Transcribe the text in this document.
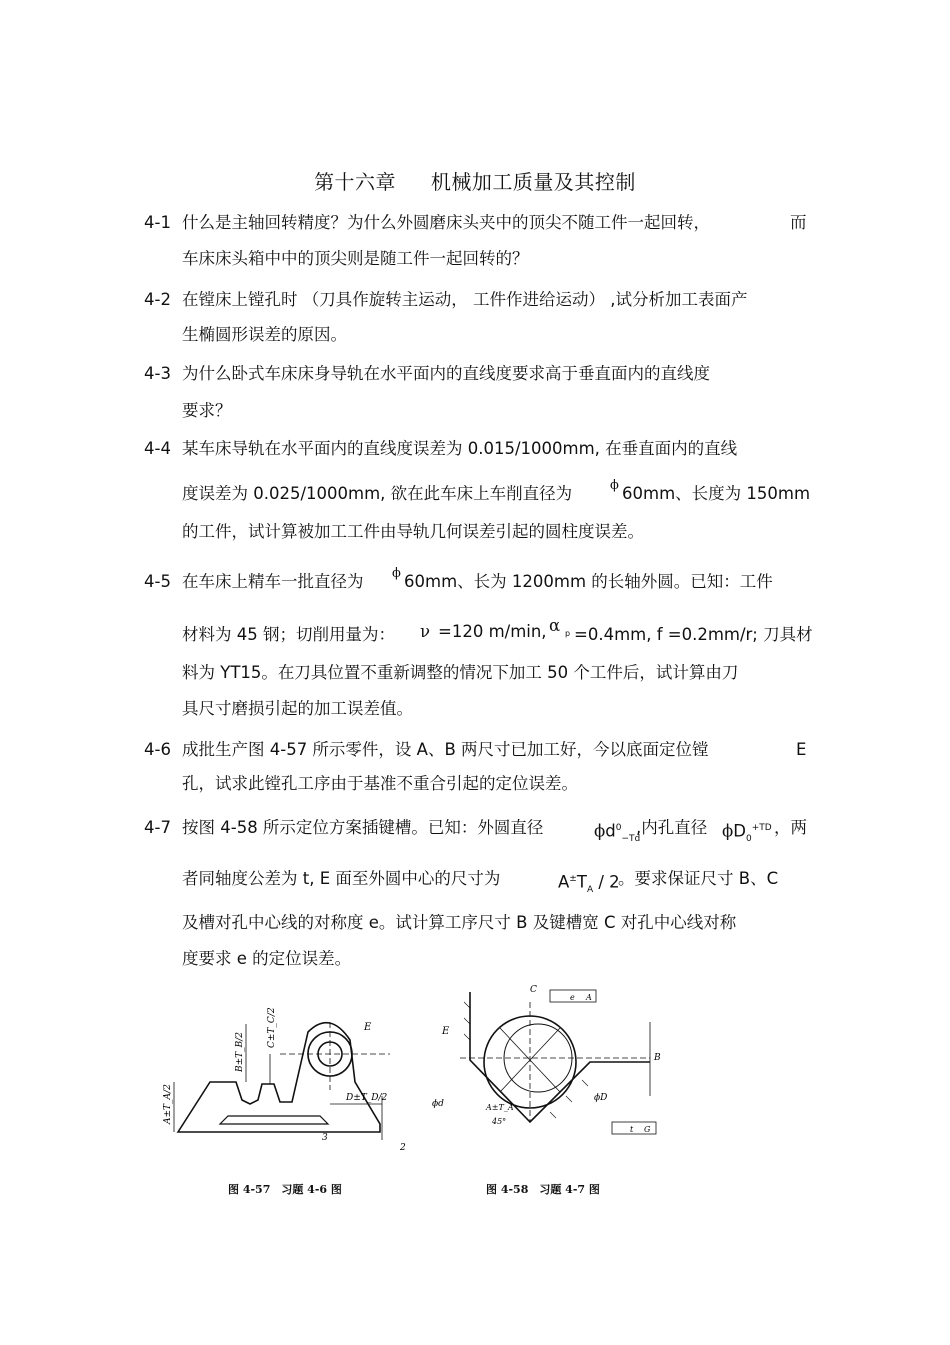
第十六章 机械加工质量及其控制
4-1 什么是主轴回转精度？为什么外圆磨床头夹中的顶尖不随工件一起回转，	而
车床床头箱中中的顶尖则是随工件一起回转的？
4-2 在镗床上镗孔时 （刀具作旋转主运动， 工件作进给运动） ,试分析加工表面产
生椭圆形误差的原因。
4-3 为什么卧式车床床身导轨在水平面内的直线度要求高于垂直面内的直线度
要求？
4-4 某车床导轨在水平面内的直线度误差为 0.015/1000mm, 在垂直面内的直线
度误差为 0.025/1000mm, 欲在此车床上车削直径为	ϕ 60mm、长度为 150mm
的工件，试计算被加工工件由导轨几何误差引起的圆柱度误差。
4-5 在车床上精车一批直径为 ϕ 60mm、长为 1200mm 的长轴外圆。已知：工件
材料为 45 钢；切削用量为： ν =120 m/min, α p =0.4mm, f =0.2mm/r; 刀具材
料为 YT15。在刀具位置不重新调整的情况下加工 50 个工件后，试计算由刀
具尺寸磨损引起的加工误差值。
4-6 成批生产图 4-57 所示零件，设 A、B 两尺寸已加工好，今以底面定位镗	E
孔，试求此镗孔工序由于基准不重合引起的定位误差。
4-7 按图 4-58 所示定位方案插键槽。已知：外圆直径	$\phi d^0_{-Td}$
,内孔直径 $\phi D_0^{+TD}$ ，两
者同轴度公差为 t, E 面至外圆中心的尺寸为	$A^\pm T_A / 2$
。要求保证尺寸 B、C
及槽对孔中心线的对称度 e。试计算工序尺寸 B 及键槽宽 C 对孔中心线对称
度要求 e 的定位误差。
E
C±T_C/2
B±T_B/2
A±T_A/2	D±T_D/2
3
2
图 4-57　习题 4-6 图
C
e A
E
B
ϕd	A±T_A
45°
ϕD
t G
图 4-58　习题 4-7 图
